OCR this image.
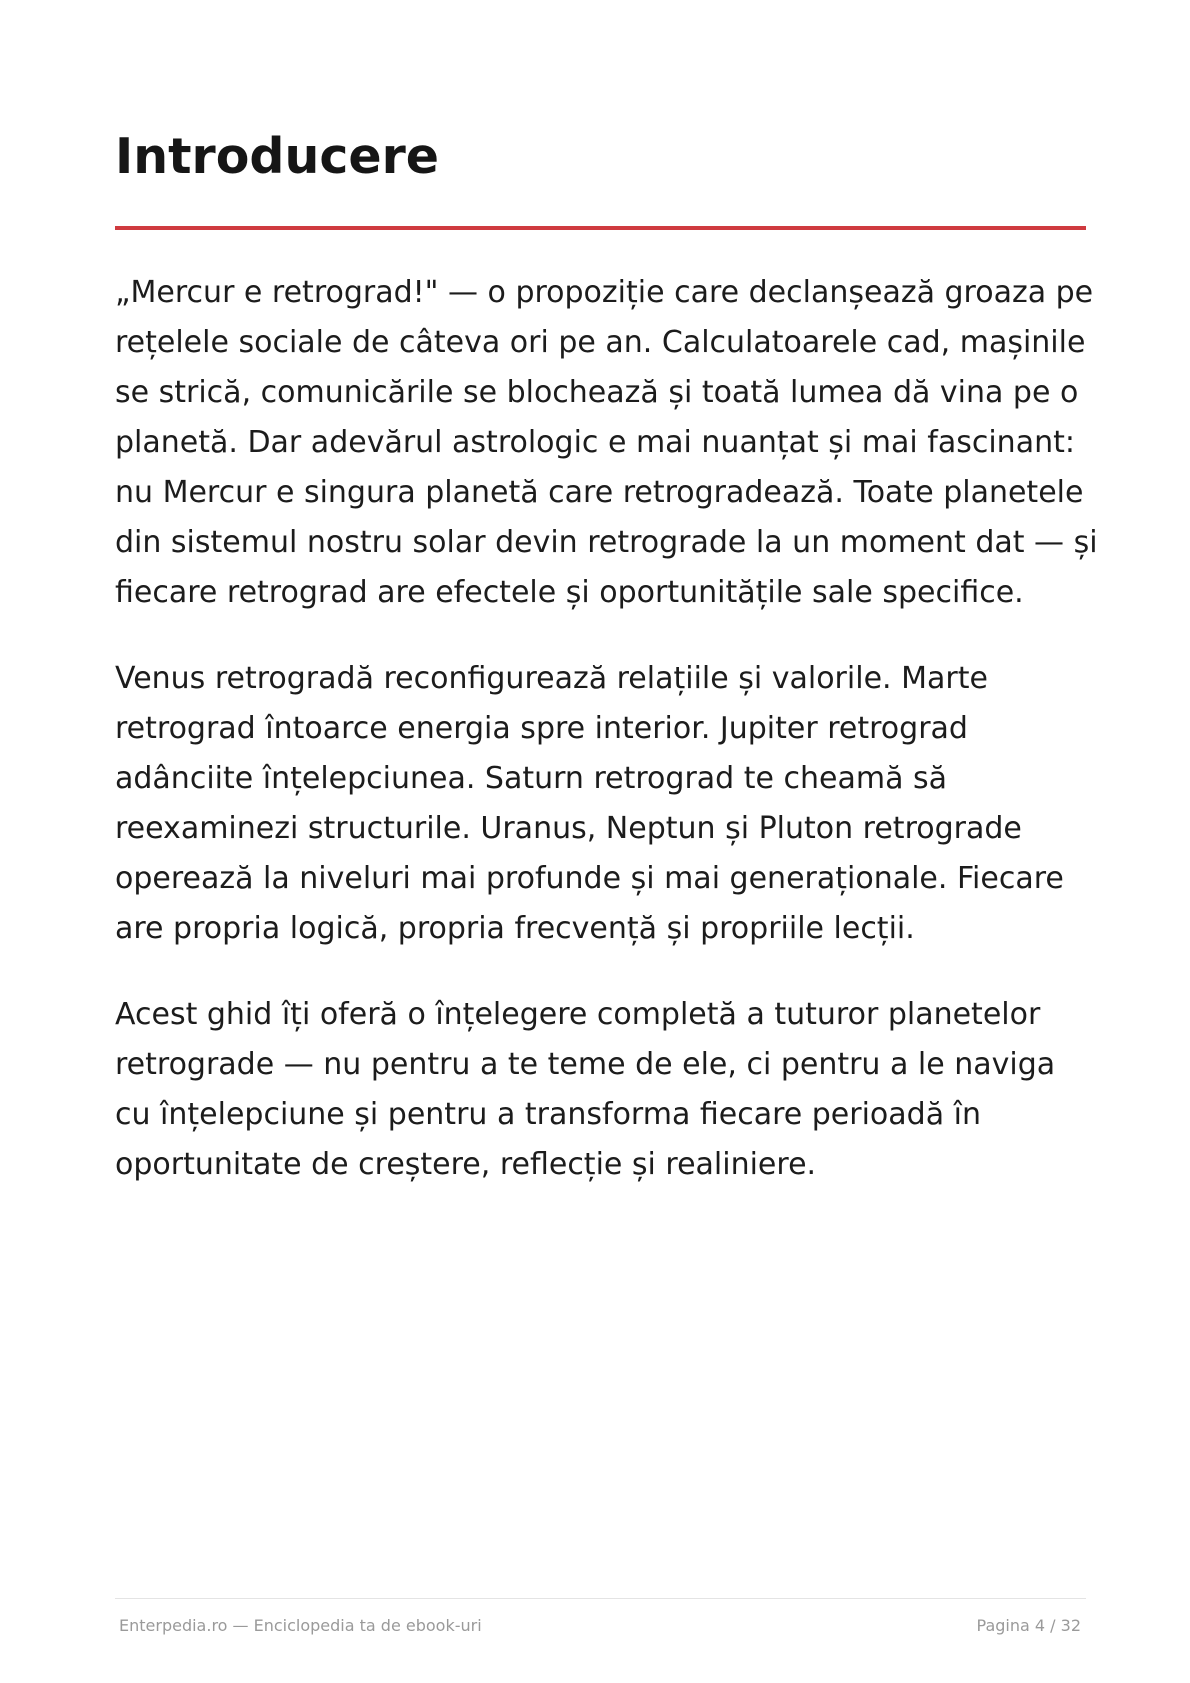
Introducere

„Mercur e retrograd!" — o propoziție care declanșează groaza pe rețelele sociale de câteva ori pe an. Calculatoarele cad, mașinile se strică, comunicările se blochează și toată lumea dă vina pe o planetă. Dar adevărul astrologic e mai nuanțat și mai fascinant: nu Mercur e singura planetă care retrogradează. Toate planetele din sistemul nostru solar devin retrograde la un moment dat — și fiecare retrograd are efectele și oportunitățile sale specifice.

Venus retrogradă reconfigurează relațiile și valorile. Marte retrograd întoarce energia spre interior. Jupiter retrograd adânciite înțelepciunea. Saturn retrograd te cheamă să reexaminezi structurile. Uranus, Neptun și Pluton retrograde operează la niveluri mai profunde și mai generaționale. Fiecare are propria logică, propria frecvență și propriile lecții.

Acest ghid îți oferă o înțelegere completă a tuturor planetelor retrograde — nu pentru a te teme de ele, ci pentru a le naviga cu înțelepciune și pentru a transforma fiecare perioadă în oportunitate de creștere, reflecție și realiniere.

Enterpedia.ro — Enciclopedia ta de ebook-uri	Pagina 4 / 32
